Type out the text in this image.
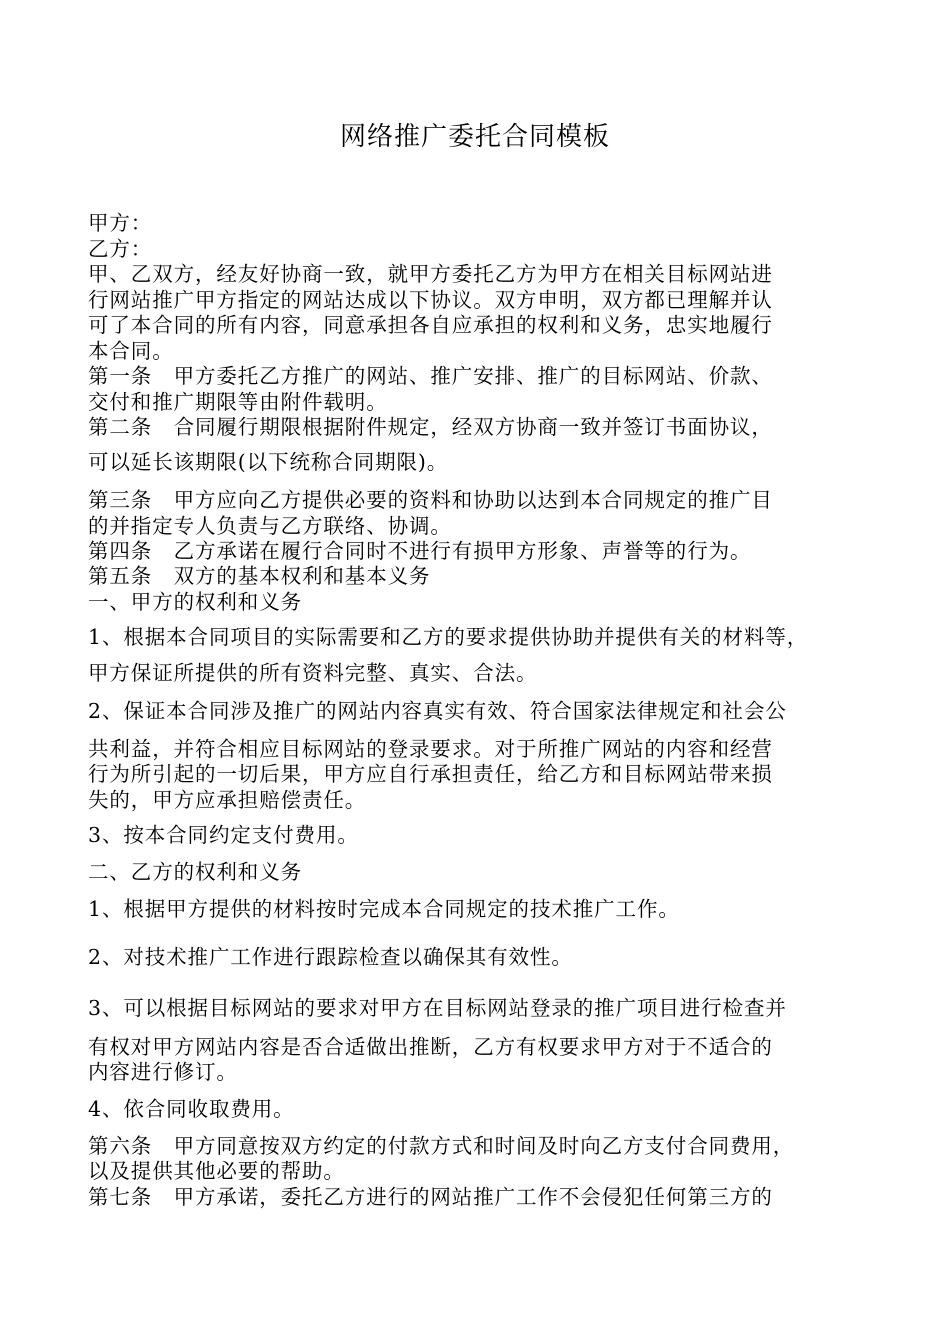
网络推广委托合同模板
甲方：
乙方：
甲、乙双方，经友好协商一致，就甲方委托乙方为甲方在相关目标网站进
行网站推广甲方指定的网站达成以下协议。双方申明，双方都已理解并认
可了本合同的所有内容，同意承担各自应承担的权利和义务，忠实地履行
本合同。
第一条　甲方委托乙方推广的网站、推广安排、推广的目标网站、价款、
交付和推广期限等由附件载明。
第二条　合同履行期限根据附件规定，经双方协商一致并签订书面协议，
可以延长该期限(以下统称合同期限)。
第三条　甲方应向乙方提供必要的资料和协助以达到本合同规定的推广目
的并指定专人负责与乙方联络、协调。
第四条　乙方承诺在履行合同时不进行有损甲方形象、声誉等的行为。
第五条　双方的基本权利和基本义务
一、甲方的权利和义务
1、根据本合同项目的实际需要和乙方的要求提供协助并提供有关的材料等，
甲方保证所提供的所有资料完整、真实、合法。
2、保证本合同涉及推广的网站内容真实有效、符合国家法律规定和社会公
共利益，并符合相应目标网站的登录要求。对于所推广网站的内容和经营
行为所引起的一切后果，甲方应自行承担责任，给乙方和目标网站带来损
失的，甲方应承担赔偿责任。
3、按本合同约定支付费用。
二、乙方的权利和义务
1、根据甲方提供的材料按时完成本合同规定的技术推广工作。
2、对技术推广工作进行跟踪检查以确保其有效性。
3、可以根据目标网站的要求对甲方在目标网站登录的推广项目进行检查并
有权对甲方网站内容是否合适做出推断，乙方有权要求甲方对于不适合的
内容进行修订。
4、依合同收取费用。
第六条　甲方同意按双方约定的付款方式和时间及时向乙方支付合同费用，
以及提供其他必要的帮助。
第七条　甲方承诺，委托乙方进行的网站推广工作不会侵犯任何第三方的
